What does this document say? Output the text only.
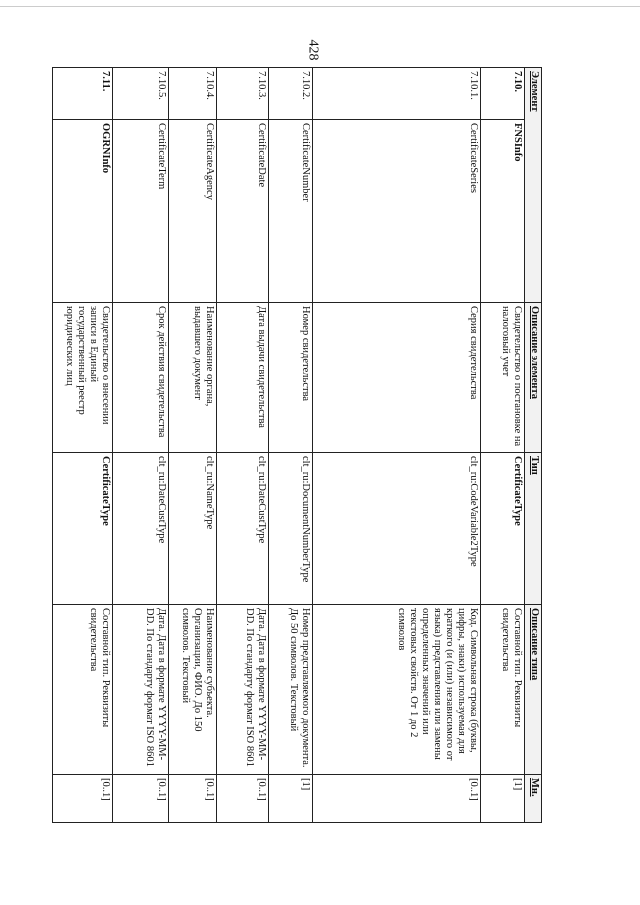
428
Элемент		Описание элемента	Тип	Описание типа	Мн.
7.10.	FNSInfo	Свидетельство о постановке на налоговый учет	CertificateType	Составной тип. Реквизиты свидетельства	[1]
7.10.1.	CertificateSeries	Серия свидетельства	clt_ru:CodeVariable2Type	Код. Символьная строка (буквы, цифры, знаки) используемая для краткого (и (или) независимого от языка) представления или замены определенных значений или текстовых свойств. От 1 до 2 символов	[0..1]
7.10.2.	CertificateNumber	Номер свидетельства	clt_ru:DocumentNumberType	Номер представляемого документа. До 50 символов. Текстовый	[1]
7.10.3.	CertificateDate	Дата выдачи свидетельства	clt_ru:DateCustType	Дата. Дата в формате YYYY-MM-DD. По стандарту формат ISO 8601	[0..1]
7.10.4.	CertificateAgency	Наименование органа, выдавшего документ	clt_ru:NameType	Наименование субъекта. Организации, ФИО. До 150 символов. Текстовый	[0..1]
7.10.5.	CertificateTerm	Срок действия свидетельства	clt_ru:DateCustType	Дата. Дата в формате YYYY-MM-DD. По стандарту формат ISO 8601	[0..1]
7.11.	OGRNInfo	Свидетельство о внесении записи в Единый государственный реестр юридических лиц	CertificateType	Составной тип. Реквизиты свидетельства	[0..1]
